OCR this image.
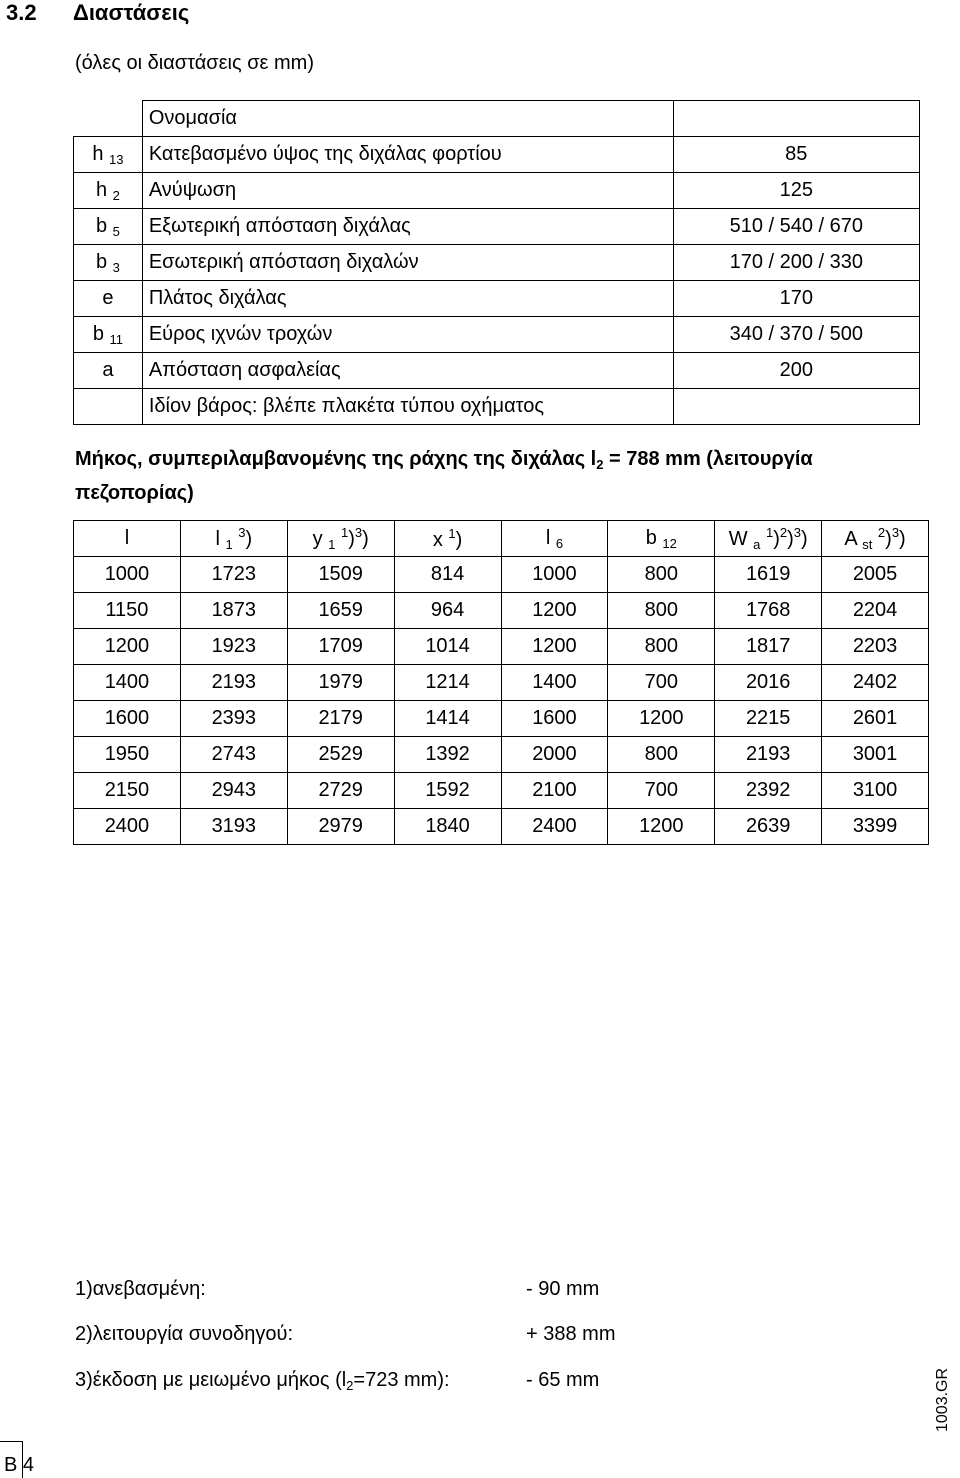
3.2 Διαστάσεις
(όλες οι διαστάσεις σε mm)
	Ονομασία	
h $_{13}$	Κατεβασμένο ύψος της διχάλας φορτίου	85
h $_2$	Ανύψωση	125
b $_5$	Εξωτερική απόσταση διχάλας	510 / 540 / 670
b $_3$	Εσωτερική απόσταση διχαλών	170 / 200 / 330
e	Πλάτος διχάλας	170
b $_{11}$	Εύρος ιχνών τροχών	340 / 370 / 500
a	Απόσταση ασφαλείας	200
	Ιδίον βάρος: βλέπε πλακέτα τύπου οχήματος	
Μήκος, συμπεριλαμβανομένης της ράχης της διχάλας $l_2 = 788$ mm (λειτουργία πεζοπορίας)
l	l $_1$ $^3$)	y $_1$ $^1$)$^3$)	x $^1$)	l $_6$	b $_{12}$	W $_a$ $^1$)$^2$)$^3$)	A $_{st}$ $^2$)$^3$)
1000	1723	1509	814	1000	800	1619	2005
1150	1873	1659	964	1200	800	1768	2204
1200	1923	1709	1014	1200	800	1817	2203
1400	2193	1979	1214	1400	700	2016	2402
1600	2393	2179	1414	1600	1200	2215	2601
1950	2743	2529	1392	2000	800	2193	3001
2150	2943	2729	1592	2100	700	2392	3100
2400	3193	2979	1840	2400	1200	2639	3399
1)ανεβασμένη:	- 90 mm
2)λειτουργία συνοδηγού:	+ 388 mm
3)έκδοση με μειωμένο μήκος ($l_2=723$ mm):	- 65 mm	1003.GR
B 4
